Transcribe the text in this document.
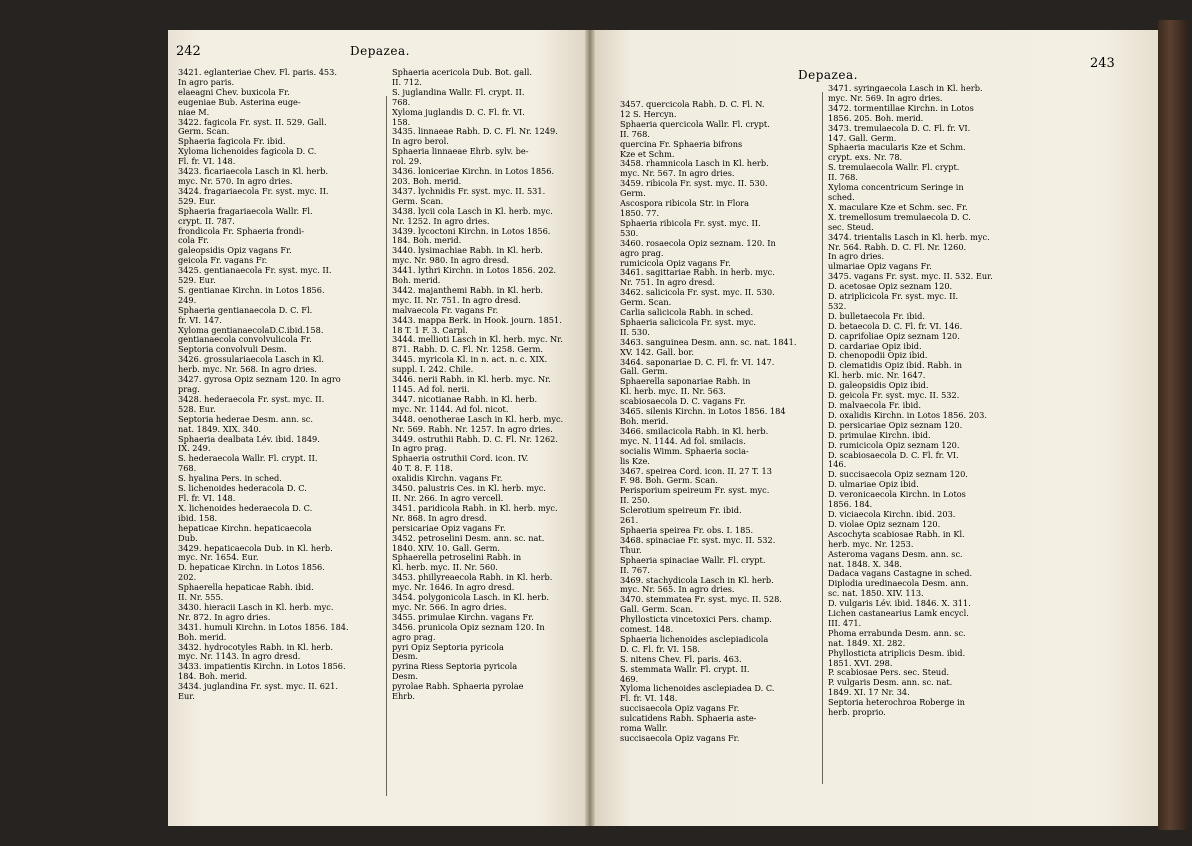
242	Depazea.
Depazea.
243

3421. eglanteriae Chev. Fl. paris. 453.

In agro paris.

elaeagni Chev. buxicola Fr.

eugeniae Bub. Asterina euge-

niae M.

3422. fagicola Fr. syst. II. 529. Gall.

Germ. Scan.

Sphaeria fagicola Fr. ibid.

Xyloma lichenoides fagicola D. C.

Fl. fr. VI. 148.

3423. ficariaecola Lasch in Kl. herb.

myc. Nr. 570. In agro dries.

3424. fragariaecola Fr. syst. myc. II.

529. Eur.

Sphaeria fragariaecola Wallr. Fl.

crypt. II. 787.

frondicola Fr. Sphaeria frondi-

cola Fr.

galeopsidis Opiz vagans Fr.

geicola Fr. vagans Fr.

3425. gentianaecola Fr. syst. myc. II.

529. Eur.

S. gentianae Kirchn. in Lotos 1856.

249.

Sphaeria gentianaecola D. C. Fl.

fr. VI. 147.

Xyloma gentianaecolaD.C.ibid.158.

gentianaecola convolvulicola Fr.

Septoria convolvuli Desm.

3426. grossulariaecola Lasch in Kl.

herb. myc. Nr. 568. In agro dries.

3427. gyrosa Opiz seznam 120. In agro

prag.

3428. hederaecola Fr. syst. myc. II.

528. Eur.

Septoria hederae Desm. ann. sc.

nat. 1849. XIX. 340.

Sphaeria dealbata Lév. ibid. 1849.

IX. 249.

S. hederaecola Wallr. Fl. crypt. II.

768.

S. hyalina Pers. in sched.

S. lichenoides hederacola D. C.

Fl. fr. VI. 148.

X. lichenoides hederaecola D. C.

ibid. 158.

hepaticae Kirchn. hepaticaecola

Dub.

3429. hepaticaecola Dub. in Kl. herb.

myc. Nr. 1654. Eur.

D. hepaticae Kirchn. in Lotos 1856.

202.

Sphaerella hepaticae Rabh. ibid.

II. Nr. 555.

3430. hieracii Lasch in Kl. herb. myc.

Nr. 872. In agro dries.

3431. humuli Kirchn. in Lotos 1856. 184.

Boh. merid.

3432. hydrocotyles Rabh. in Kl. herb.

myc. Nr. 1143. In agro dresd.

3433. impatientis Kirchn. in Lotos 1856.

184. Boh. merid.

3434. juglandina Fr. syst. myc. II. 621.

Eur.

Sphaeria acericola Dub. Bot. gall.

II. 712.

S. juglandina Wallr. Fl. crypt. II.

768.

Xyloma juglandis D. C. Fl. fr. VI.

158.

3435. linnaeae Rabh. D. C. Fl. Nr. 1249.

In agro berol.

Sphaeria linnaeae Ehrb. sylv. be-

rol. 29.

3436. loniceriae Kirchn. in Lotos 1856.

203. Boh. merid.

3437. lychnidis Fr. syst. myc. II. 531.

Germ. Scan.

3438. lycii cola Lasch in Kl. herb. myc.

Nr. 1252. In agro dries.

3439. lycoctoni Kirchn. in Lotos 1856.

184. Boh. merid.

3440. lysimachiae Rabh. in Kl. herb.

myc. Nr. 980. In agro dresd.

3441. lythri Kirchn. in Lotos 1856. 202.

Boh. merid.

3442. majanthemi Rabh. in Kl. herb.

myc. II. Nr. 751. In agro dresd.

malvaecola Fr. vagans Fr.

3443. mappa Berk. in Hook. journ. 1851.

18 T. 1 F. 3. Carpl.

3444. mellioti Lasch in Kl. herb. myc. Nr.

871. Rabh. D. C. Fl. Nr. 1258. Germ.

3445. myricola Kl. in n. act. n. c. XIX.

suppl. I. 242. Chile.

3446. nerii Rabh. in Kl. herb. myc. Nr.

1145. Ad fol. nerii.

3447. nicotianae Rabh. in Kl. herb.

myc. Nr. 1144. Ad fol. nicot.

3448. oenotherae Lasch in Kl. herb. myc.

Nr. 569. Rabh. Nr. 1257. In agro dries.

3449. ostruthii Rabh. D. C. Fl. Nr. 1262.

In agro prag.

Sphaeria ostruthii Cord. icon. IV.

40 T. 8. F. 118.

oxalidis Kirchn. vagans Fr.

3450. palustris Ces. in Kl. herb. myc.

II. Nr. 266. In agro vercell.

3451. paridicola Rabh. in Kl. herb. myc.

Nr. 868. In agro dresd.

persicariae Opiz vagans Fr.

3452. petroselini Desm. ann. sc. nat.

1840. XIV. 10. Gall. Germ.

Sphaerella petroselini Rabh. in

Kl. herb. myc. II. Nr. 560.

3453. phillyreaecola Rabh. in Kl. herb.

myc. Nr. 1646. In agro dresd.

3454. polygonicola Lasch. in Kl. herb.

myc. Nr. 566. In agro dries.

3455. primulae Kirchn. vagans Fr.

3456. prunicola Opiz seznam 120. In

agro prag.

pyri Opiz Septoria pyricola

Desm.

pyrina Riess Septoria pyricola

Desm.

pyrolae Rabh. Sphaeria pyrolae

Ehrb.

3457. quercicola Rabh. D. C. Fl. N.

12 S. Hercyn.

Sphaeria quercicola Wallr. Fl. crypt.

II. 768.

quercina Fr. Sphaeria bifrons

Kze et Schm.

3458. rhamnicola Lasch in Kl. herb.

myc. Nr. 567. In agro dries.

3459. ribicola Fr. syst. myc. II. 530.

Germ.

Ascospora ribicola Str. in Flora

1850. 77.

Sphaeria ribicola Fr. syst. myc. II.

530.

3460. rosaecola Opiz seznam. 120. In

agro prag.

rumicicola Opiz vagans Fr.

3461. sagittariae Rabh. in herb. myc.

Nr. 751. In agro dresd.

3462. salicicola Fr. syst. myc. II. 530.

Germ. Scan.

Carlia salicicola Rabh. in sched.

Sphaeria salicicola Fr. syst. myc.

II. 530.

3463. sanguinea Desm. ann. sc. nat. 1841.

XV. 142. Gall. bor.

3464. saponariae D. C. Fl. fr. VI. 147.

Gall. Germ.

Sphaerella saponariae Rabh. in

Kl. herb. myc. II. Nr. 563.

scabiosaecola D. C. vagans Fr.

3465. silenis Kirchn. in Lotos 1856. 184

Boh. merid.

3466. smilacicola Rabh. in Kl. herb.

myc. N. 1144. Ad fol. smilacis.

socialis Wimm. Sphaeria socia-

lis Kze.

3467. speirea Cord. icon. II. 27 T. 13

F. 98. Boh. Germ. Scan.

Perisporium speireum Fr. syst. myc.

II. 250.

Sclerotium speireum Fr. ibid.

261.

Sphaeria speirea Fr. obs. I. 185.

3468. spinaciae Fr. syst. myc. II. 532.

Thur.

Sphaeria spinaciae Wallr. Fl. crypt.

II. 767.

3469. stachydicola Lasch in Kl. herb.

myc. Nr. 565. In agro dries.

3470. stemmatea Fr. syst. myc. II. 528.

Gall. Germ. Scan.

Phyllosticta vincetoxici Pers. champ.

comest. 148.

Sphaeria lichenoides asclepiadicola

D. C. Fl. fr. VI. 158.

S. nitens Chev. Fl. paris. 463.

S. stemmata Wallr. Fl. crypt. II.

469.

Xyloma lichenoides asclepiadea D. C.

Fl. fr. VI. 148.

succisaecola Opiz vagans Fr.

sulcatidens Rabh. Sphaeria aste-

roma Wallr.

succisaecola Opiz vagans Fr.

3471. syringaecola Lasch in Kl. herb.

myc. Nr. 569. In agro dries.

3472. tormentillae Kirchn. in Lotos

1856. 205. Boh. merid.

3473. tremulaecola D. C. Fl. fr. VI.

147. Gall. Germ.

Sphaeria macularis Kze et Schm.

crypt. exs. Nr. 78.

S. tremulaecola Wallr. Fl. crypt.

II. 768.

Xyloma concentricum Seringe in

sched.

X. maculare Kze et Schm. sec. Fr.

X. tremellosum tremulaecola D. C.

sec. Steud.

3474. trientalis Lasch in Kl. herb. myc.

Nr. 564. Rabh. D. C. Fl. Nr. 1260.

In agro dries.

ulmariae Opiz vagans Fr.

3475. vagans Fr. syst. myc. II. 532. Eur.

D. acetosae Opiz seznam 120.

D. atriplicicola Fr. syst. myc. II.

532.

D. bulletaecola Fr. ibid.

D. betaecola D. C. Fl. fr. VI. 146.

D. caprifoliae Opiz seznam 120.

D. cardariae Opiz ibid.

D. chenopodii Opiz ibid.

D. clematidis Opiz ibid. Rabh. in

Kl. herb. mic. Nr. 1647.

D. galeopsidis Opiz ibid.

D. geicola Fr. syst. myc. II. 532.

D. malvaecola Fr. ibid.

D. oxalidis Kirchn. in Lotos 1856. 203.

D. persicariae Opiz seznam 120.

D. primulae Kirchn. ibid.

D. rumicicola Opiz seznam 120.

D. scabiosaecola D. C. Fl. fr. VI.

146.

D. succisaecola Opiz seznam 120.

D. ulmariae Opiz ibid.

D. veronicaecola Kirchn. in Lotos

1856. 184.

D. viciaecola Kirchn. ibid. 203.

D. violae Opiz seznam 120.

Ascochyta scabiosae Rabh. in Kl.

herb. myc. Nr. 1253.

Asteroma vagans Desm. ann. sc.

nat. 1848. X. 348.

Dadaca vagans Castagne in sched.

Diplodia uredinaecola Desm. ann.

sc. nat. 1850. XIV. 113.

D. vulgaris Lév. ibid. 1846. X. 311.

Lichen castanearius Lamk encycl.

III. 471.

Phoma errabunda Desm. ann. sc.

nat. 1849. XI. 282.

Phyllosticta atriplicis Desm. ibid.

1851. XVI. 298.

P. scabiosae Pers. sec. Steud.

P. vulgaris Desm. ann. sc. nat.

1849. XI. 17 Nr. 34.

Septoria heterochroa Roberge in

herb. proprio.
